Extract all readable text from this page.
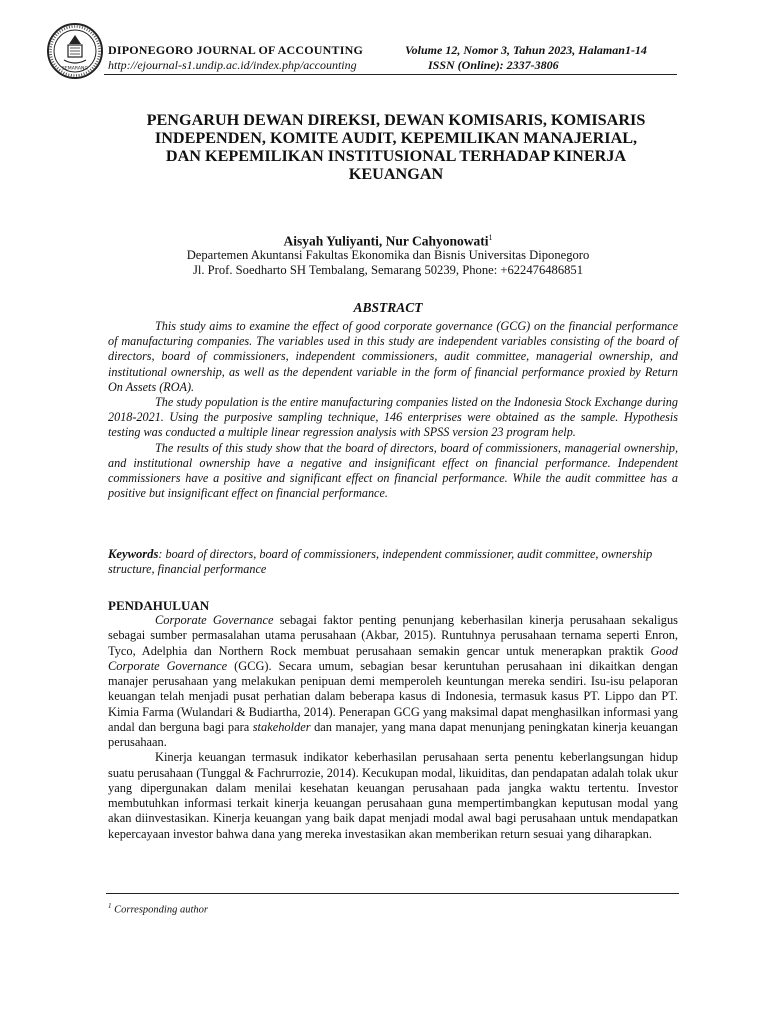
SEMARANG
DIPONEGORO JOURNAL OF ACCOUNTING	Volume 12, Nomor 3, Tahun 2023, Halaman1-14
http://ejournal-s1.undip.ac.id/index.php/accounting	ISSN (Online): 2337-3806
PENGARUH DEWAN DIREKSI, DEWAN KOMISARIS, KOMISARIS
INDEPENDEN, KOMITE AUDIT, KEPEMILIKAN MANAJERIAL,
DAN KEPEMILIKAN INSTITUSIONAL TERHADAP KINERJA
KEUANGAN
Aisyah Yuliyanti, Nur Cahyonowati$^1$
Departemen Akuntansi Fakultas Ekonomika dan Bisnis Universitas Diponegoro
Jl. Prof. Soedharto SH Tembalang, Semarang 50239, Phone: +622476486851
ABSTRACT

This study aims to examine the effect of good corporate governance (GCG) on the financial performance of manufacturing companies. The variables used in this study are independent variables consisting of the board of directors, board of commissioners, independent commissioners, audit committee, managerial ownership, and institutional ownership, as well as the dependent variable in the form of financial performance proxied by Return On Assets (ROA).

The study population is the entire manufacturing companies listed on the Indonesia Stock Exchange during 2018-2021. Using the purposive sampling technique, 146 enterprises were obtained as the sample. Hypothesis testing was conducted a multiple linear regression analysis with SPSS version 23 program help.

The results of this study show that the board of directors, board of commissioners, managerial ownership, and institutional ownership have a negative and insignificant effect on financial performance. Independent commissioners have a positive and significant effect on financial performance. While the audit committee has a positive but insignificant effect on financial performance.

Keywords: board of directors, board of commissioners, independent commissioner, audit committee, ownership structure, financial performance
PENDAHULUAN

Corporate Governance sebagai faktor penting penunjang keberhasilan kinerja perusahaan sekaligus sebagai sumber permasalahan utama perusahaan (Akbar, 2015). Runtuhnya perusahaan ternama seperti Enron, Tyco, Adelphia dan Northern Rock membuat perusahaan semakin gencar untuk menerapkan praktik Good Corporate Governance (GCG). Secara umum, sebagian besar keruntuhan perusahaan ini dikaitkan dengan manajer perusahaan yang melakukan penipuan demi memperoleh keuntungan mereka sendiri. Isu-isu pelaporan keuangan telah menjadi pusat perhatian dalam beberapa kasus di Indonesia, termasuk kasus PT. Lippo dan PT. Kimia Farma (Wulandari & Budiartha, 2014). Penerapan GCG yang maksimal dapat menghasilkan informasi yang andal dan berguna bagi para stakeholder dan manajer, yang mana dapat menunjang peningkatan kinerja keuangan perusahaan.

Kinerja keuangan termasuk indikator keberhasilan perusahaan serta penentu keberlangsungan hidup suatu perusahaan (Tunggal & Fachrurrozie, 2014). Kecukupan modal, likuiditas, dan pendapatan adalah tolak ukur yang dipergunakan dalam menilai kesehatan keuangan perusahaan pada jangka waktu tertentu. Investor membutuhkan informasi terkait kinerja keuangan perusahaan guna mempertimbangkan keputusan modal yang akan diinvestasikan. Kinerja keuangan yang baik dapat menjadi modal awal bagi perusahaan untuk mendapatkan kepercayaan investor bahwa dana yang mereka investasikan akan memberikan return sesuai yang diharapkan.

$^1$ Corresponding author
